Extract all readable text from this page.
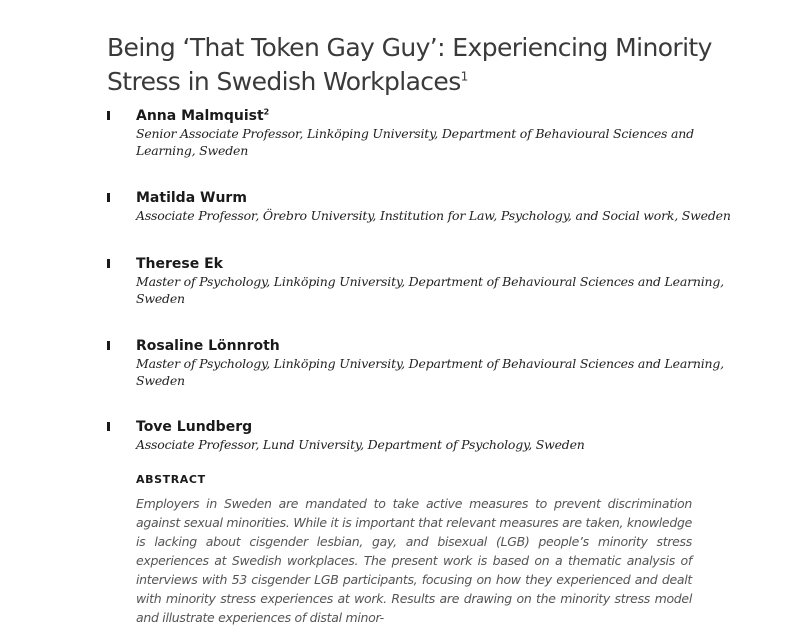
Being ‘That Token Gay Guy’: Experiencing Minority Stress in Swedish Workplaces$^1$
Anna Malmquist$^2$
Senior Associate Professor, Linköping University, Department of Behavioural Sciences and Learning, Sweden
Matilda Wurm
Associate Professor, Örebro University, Institution for Law, Psychology, and Social work, Sweden
Therese Ek
Master of Psychology, Linköping University, Department of Behavioural Sciences and Learning, Sweden
Rosaline Lönnroth
Master of Psychology, Linköping University, Department of Behavioural Sciences and Learning, Sweden
Tove Lundberg
Associate Professor, Lund University, Department of Psychology, Sweden
ABSTRACT

Employers in Sweden are mandated to take active measures to prevent discrimination against sexual minorities. While it is important that relevant measures are taken, knowledge is lacking about cisgender lesbian, gay, and bisexual (LGB) people’s minority stress experiences at Swedish workplaces. The present work is based on a thematic analysis of interviews with 53 cisgender LGB participants, focusing on how they experienced and dealt with minority stress experiences at work. Results are drawing on the minority stress model and illustrate experiences of distal minor-
